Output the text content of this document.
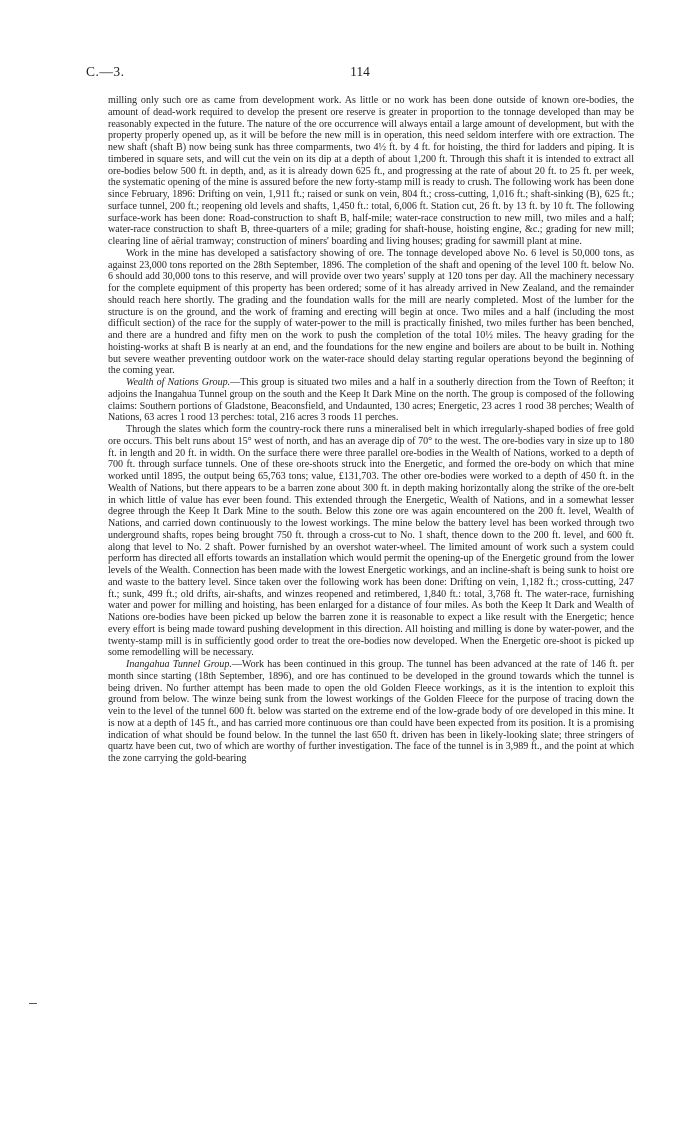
C.—3.	114

milling only such ore as came from development work. As little or no work has been done outside of known ore-bodies, the amount of dead-work required to develop the present ore reserve is greater in proportion to the tonnage developed than may be reasonably expected in the future. The nature of the ore occurrence will always entail a large amount of development, but with the property properly opened up, as it will be before the new mill is in operation, this need seldom interfere with ore extraction. The new shaft (shaft B) now being sunk has three comparments, two 4½ ft. by 4 ft. for hoisting, the third for ladders and piping. It is timbered in square sets, and will cut the vein on its dip at a depth of about 1,200 ft. Through this shaft it is intended to extract all ore-bodies below 500 ft. in depth, and, as it is already down 625 ft., and progressing at the rate of about 20 ft. to 25 ft. per week, the systematic opening of the mine is assured before the new forty-stamp mill is ready to crush. The following work has been done since February, 1896: Drifting on vein, 1,911 ft.; raised or sunk on vein, 804 ft.; cross-cutting, 1,016 ft.; shaft-sinking (B), 625 ft.; surface tunnel, 200 ft.; reopening old levels and shafts, 1,450 ft.: total, 6,006 ft. Station cut, 26 ft. by 13 ft. by 10 ft. The following surface-work has been done: Road-construction to shaft B, half-mile; water-race construction to new mill, two miles and a half; water-race construction to shaft B, three-quarters of a mile; grading for shaft-house, hoisting engine, &c.; grading for new mill; clearing line of aërial tramway; construction of miners' boarding and living houses; grading for sawmill plant at mine.

Work in the mine has developed a satisfactory showing of ore. The tonnage developed above No. 6 level is 50,000 tons, as against 23,000 tons reported on the 28th September, 1896. The completion of the shaft and opening of the level 100 ft. below No. 6 should add 30,000 tons to this reserve, and will provide over two years' supply at 120 tons per day. All the machinery necessary for the complete equipment of this property has been ordered; some of it has already arrived in New Zealand, and the remainder should reach here shortly. The grading and the foundation walls for the mill are nearly completed. Most of the lumber for the structure is on the ground, and the work of framing and erecting will begin at once. Two miles and a half (including the most difficult section) of the race for the supply of water-power to the mill is practically finished, two miles further has been benched, and there are a hundred and fifty men on the work to push the completion of the total 10½ miles. The heavy grading for the hoisting-works at shaft B is nearly at an end, and the foundations for the new engine and boilers are about to be built in. Nothing but severe weather preventing outdoor work on the water-race should delay starting regular operations beyond the beginning of the coming year.

Wealth of Nations Group.—This group is situated two miles and a half in a southerly direction from the Town of Reefton; it adjoins the Inangahua Tunnel group on the south and the Keep It Dark Mine on the north. The group is composed of the following claims: Southern portions of Gladstone, Beaconsfield, and Undaunted, 130 acres; Energetic, 23 acres 1 rood 38 perches; Wealth of Nations, 63 acres 1 rood 13 perches: total, 216 acres 3 roods 11 perches.

Through the slates which form the country-rock there runs a mineralised belt in which irregularly-shaped bodies of free gold ore occurs. This belt runs about 15° west of north, and has an average dip of 70° to the west. The ore-bodies vary in size up to 180 ft. in length and 20 ft. in width. On the surface there were three parallel ore-bodies in the Wealth of Nations, worked to a depth of 700 ft. through surface tunnels. One of these ore-shoots struck into the Energetic, and formed the ore-body on which that mine worked until 1895, the output being 65,763 tons; value, £131,703. The other ore-bodies were worked to a depth of 450 ft. in the Wealth of Nations, but there appears to be a barren zone about 300 ft. in depth making horizontally along the strike of the ore-belt in which little of value has ever been found. This extended through the Energetic, Wealth of Nations, and in a somewhat lesser degree through the Keep It Dark Mine to the south. Below this zone ore was again encountered on the 200 ft. level, Wealth of Nations, and carried down continuously to the lowest workings. The mine below the battery level has been worked through two underground shafts, ropes being brought 750 ft. through a cross-cut to No. 1 shaft, thence down to the 200 ft. level, and 600 ft. along that level to No. 2 shaft. Power furnished by an overshot water-wheel. The limited amount of work such a system could perform has directed all efforts towards an installation which would permit the opening-up of the Energetic ground from the lower levels of the Wealth. Connection has been made with the lowest Energetic workings, and an incline-shaft is being sunk to hoist ore and waste to the battery level. Since taken over the following work has been done: Drifting on vein, 1,182 ft.; cross-cutting, 247 ft.; sunk, 499 ft.; old drifts, air-shafts, and winzes reopened and retimbered, 1,840 ft.: total, 3,768 ft. The water-race, furnishing water and power for milling and hoisting, has been enlarged for a distance of four miles. As both the Keep It Dark and Wealth of Nations ore-bodies have been picked up below the barren zone it is reasonable to expect a like result with the Energetic; hence every effort is being made toward pushing development in this direction. All hoisting and milling is done by water-power, and the twenty-stamp mill is in sufficiently good order to treat the ore-bodies now developed. When the Energetic ore-shoot is picked up some remodelling will be necessary.

Inangahua Tunnel Group.—Work has been continued in this group. The tunnel has been advanced at the rate of 146 ft. per month since starting (18th September, 1896), and ore has continued to be developed in the ground towards which the tunnel is being driven. No further attempt has been made to open the old Golden Fleece workings, as it is the intention to exploit this ground from below. The winze being sunk from the lowest workings of the Golden Fleece for the purpose of tracing down the vein to the level of the tunnel 600 ft. below was started on the extreme end of the low-grade body of ore developed in this mine. It is now at a depth of 145 ft., and has carried more continuous ore than could have been expected from its position. It is a promising indication of what should be found below. In the tunnel the last 650 ft. driven has been in likely-looking slate; three stringers of quartz have been cut, two of which are worthy of further investigation. The face of the tunnel is in 3,989 ft., and the point at which the zone carrying the gold-bearing
